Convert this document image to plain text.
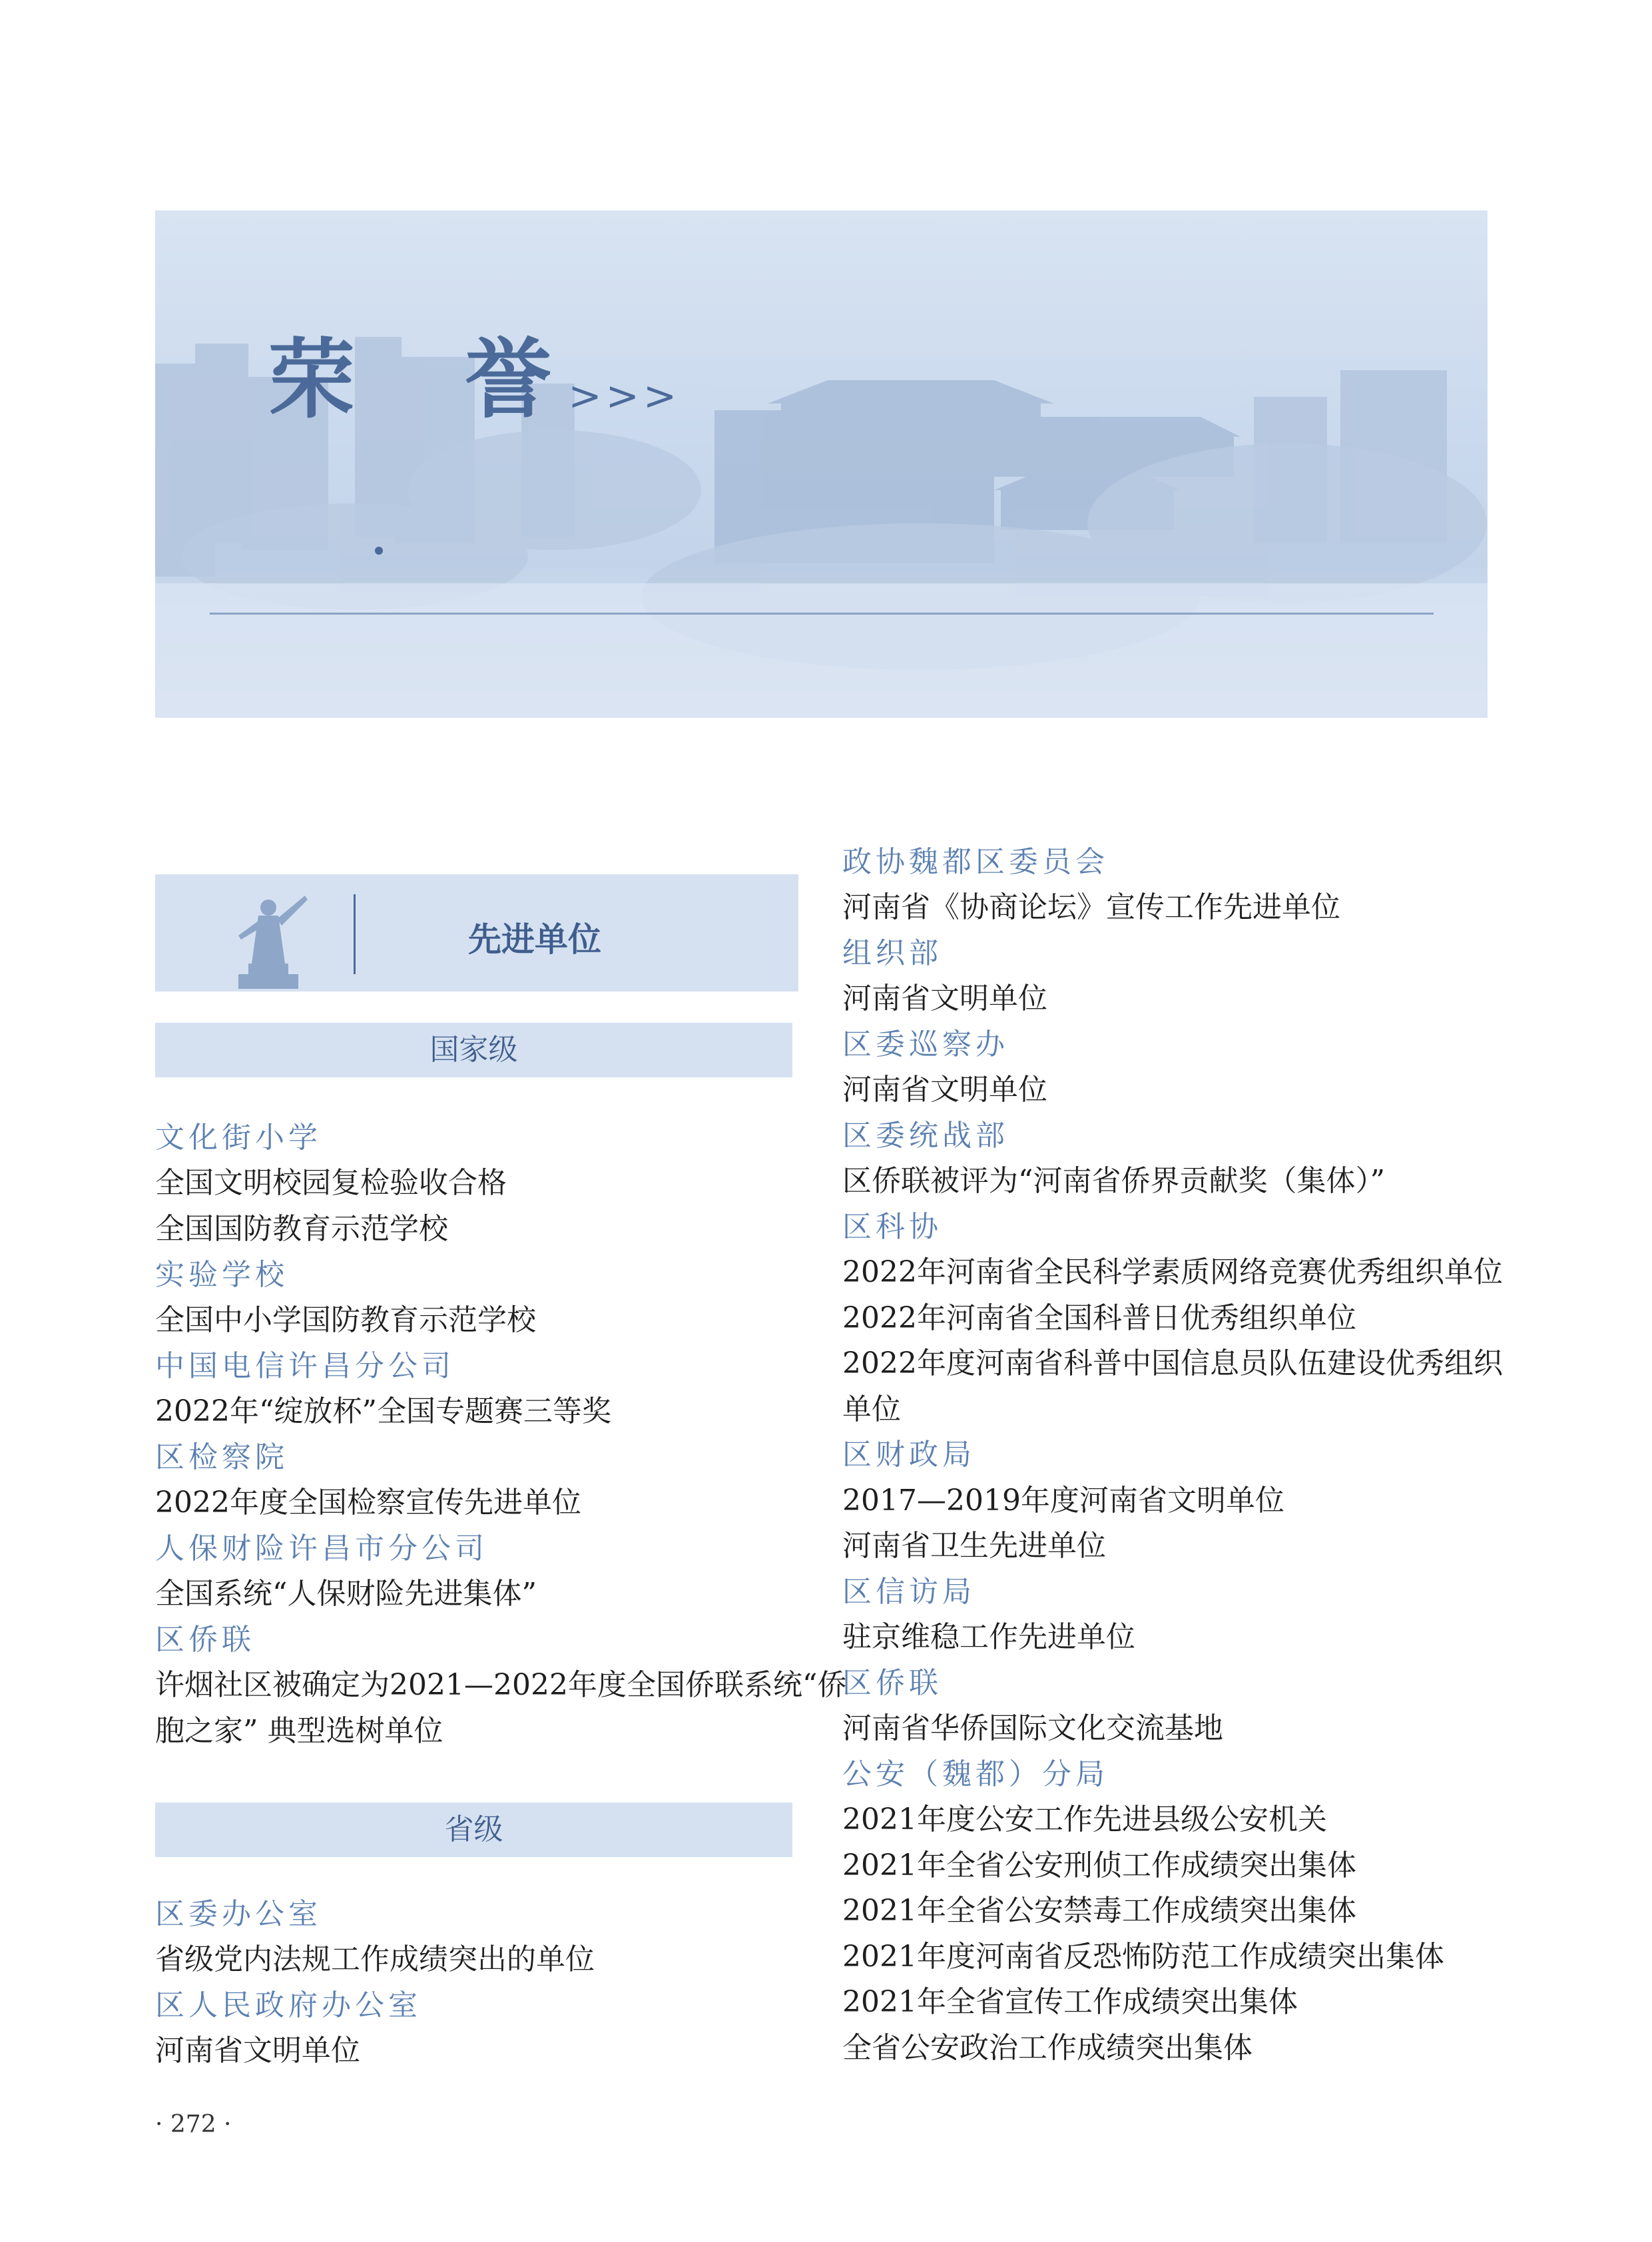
荣 誉 >>>
先进单位
国家级
省级
文化街小学
全国文明校园复检验收合格
全国国防教育示范学校
实验学校
全国中小学国防教育示范学校
中国电信许昌分公司
2022年“绽放杯”全国专题赛三等奖
区检察院
2022年度全国检察宣传先进单位
人保财险许昌市分公司
全国系统“人保财险先进集体”
区侨联
许烟社区被确定为2021—2022年度全国侨联系统“侨
胞之家” 典型选树单位
区委办公室
省级党内法规工作成绩突出的单位
区人民政府办公室
河南省文明单位
政协魏都区委员会
河南省《协商论坛》宣传工作先进单位
组织部
河南省文明单位
区委巡察办
河南省文明单位
区委统战部
区侨联被评为“河南省侨界贡献奖（集体）”
区科协
2022年河南省全民科学素质网络竞赛优秀组织单位
2022年河南省全国科普日优秀组织单位
2022年度河南省科普中国信息员队伍建设优秀组织
单位
区财政局
2017—2019年度河南省文明单位
河南省卫生先进单位
区信访局
驻京维稳工作先进单位
区侨联
河南省华侨国际文化交流基地
公安（魏都）分局
2021年度公安工作先进县级公安机关
2021年全省公安刑侦工作成绩突出集体
2021年全省公安禁毒工作成绩突出集体
2021年度河南省反恐怖防范工作成绩突出集体
2021年全省宣传工作成绩突出集体
全省公安政治工作成绩突出集体
· 272 ·
